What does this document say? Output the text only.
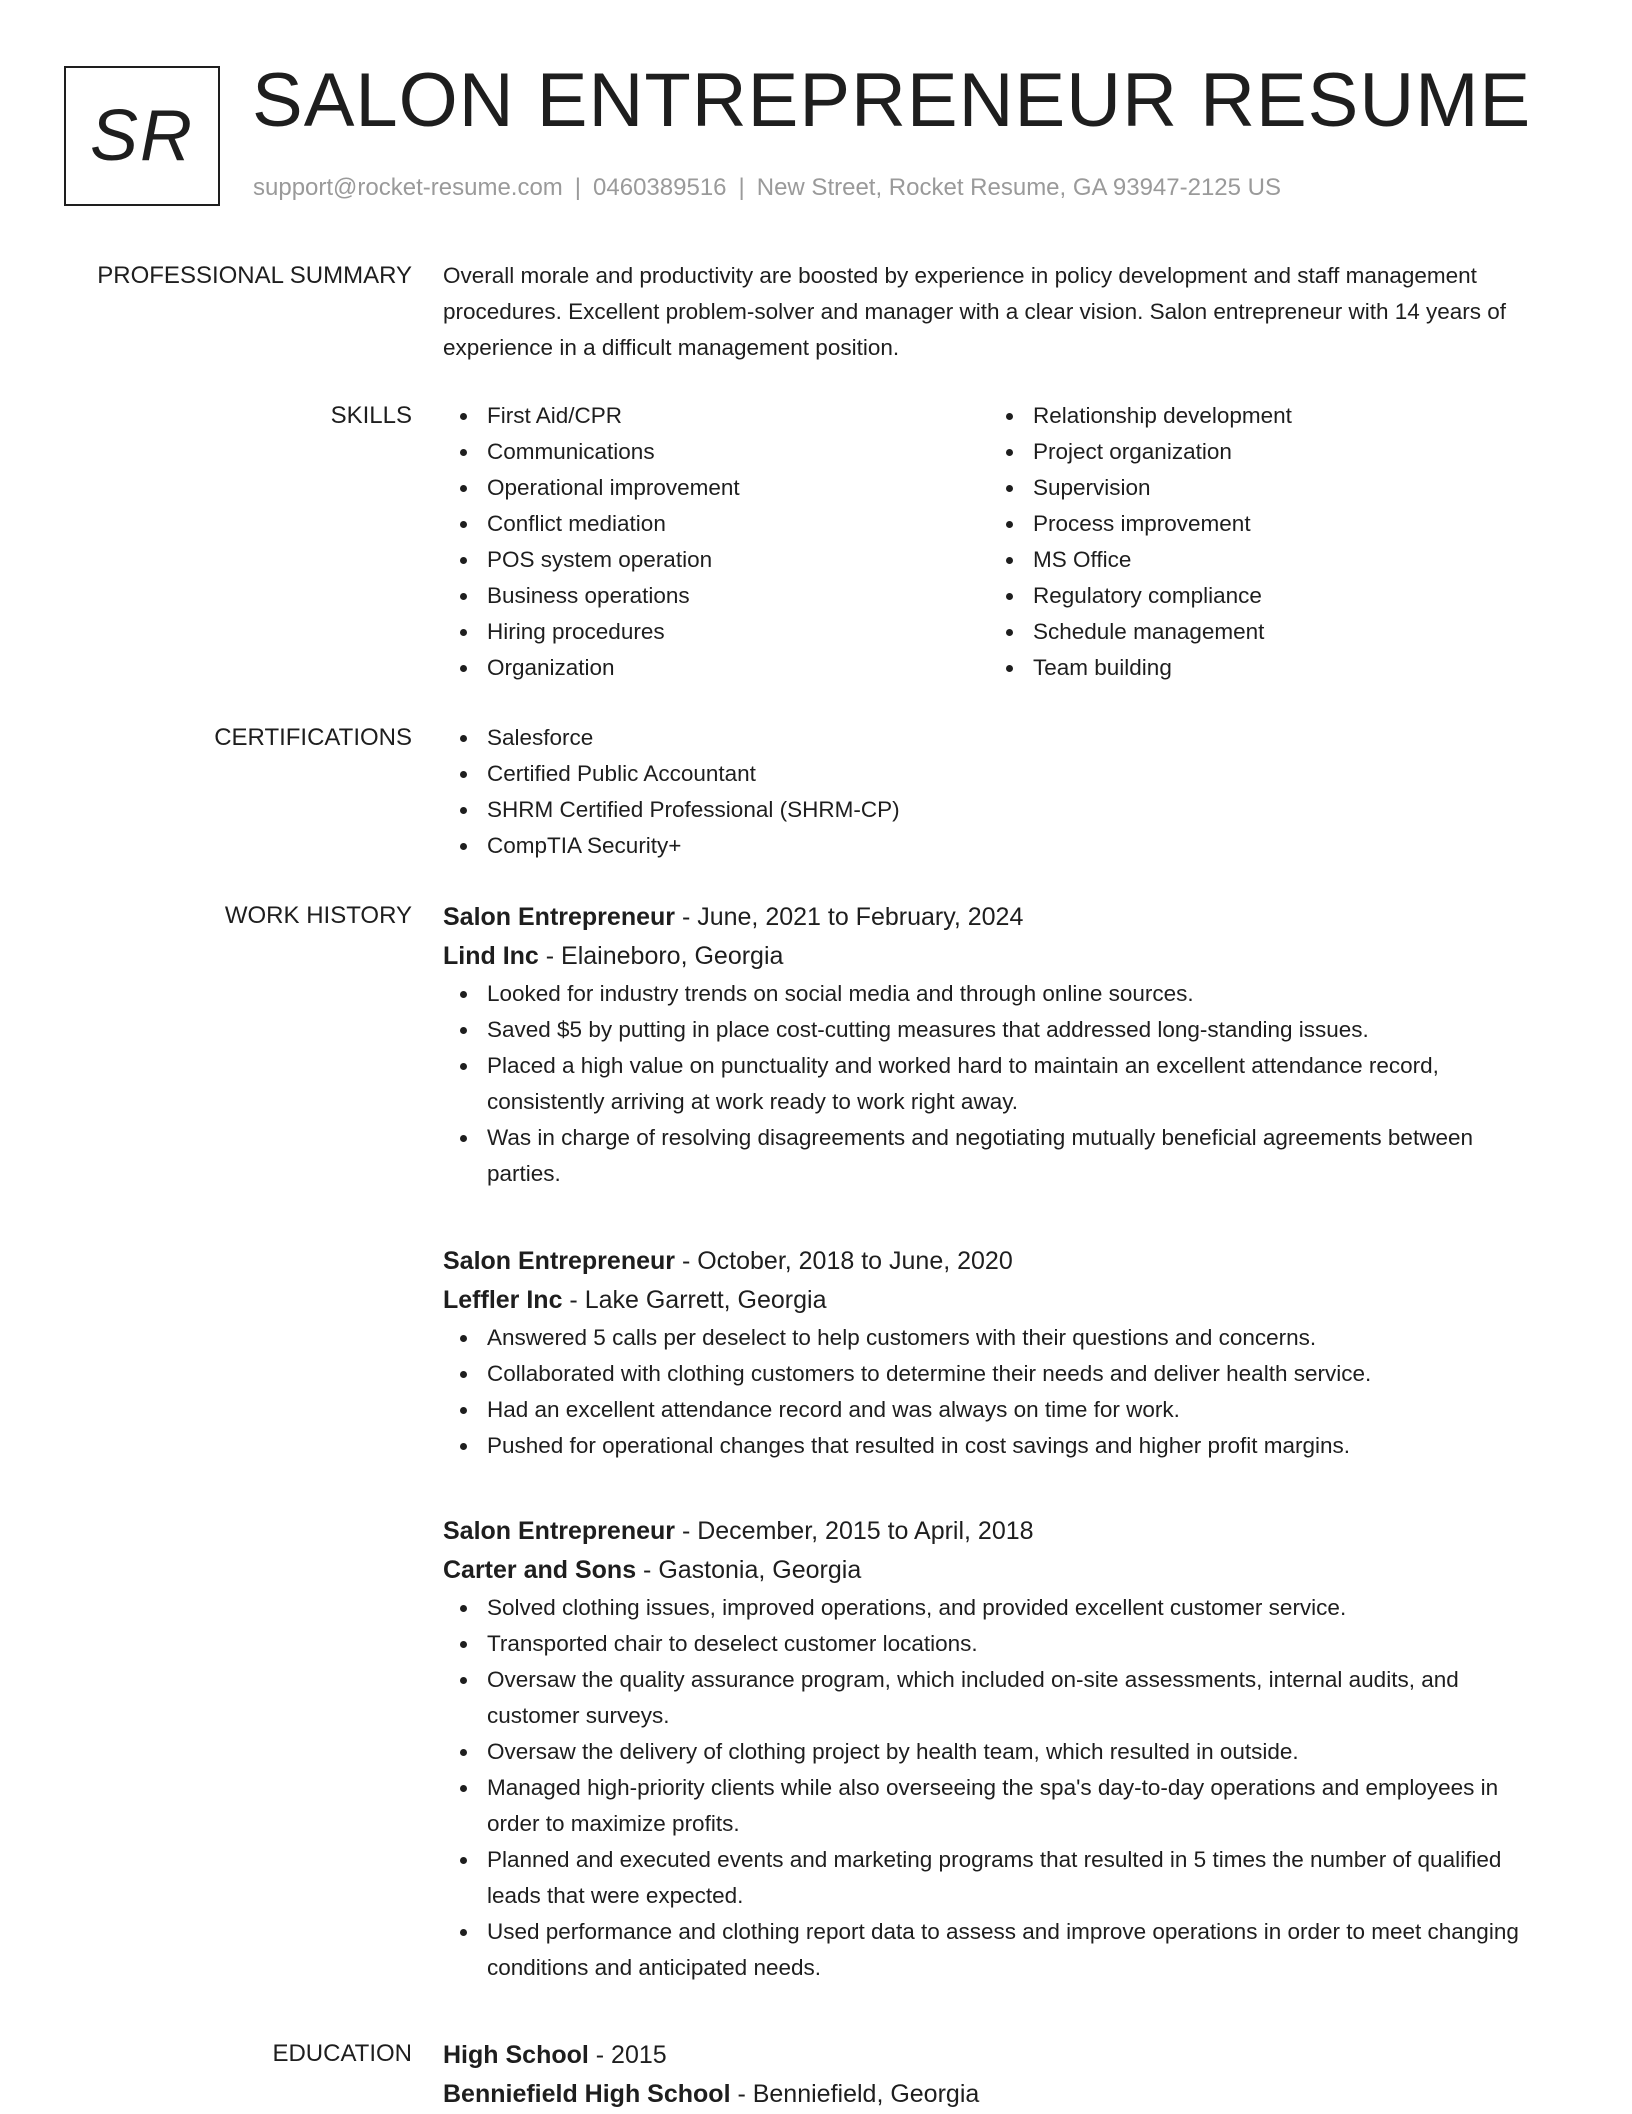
SR SALON ENTREPRENEUR RESUME
support@rocket-resume.com | 0460389516 | New Street, Rocket Resume, GA 93947-2125 US
PROFESSIONAL SUMMARY Overall morale and productivity are boosted by experience in policy development and staff management procedures. Excellent problem-solver and manager with a clear vision. Salon entrepreneur with 14 years of experience in a difficult management position.

SKILLS	First Aid/CPR
Communications
Operational improvement
Conflict mediation
POS system operation
Business operations
Hiring procedures
Organization
Relationship development
Project organization
Supervision
Process improvement
MS Office
Regulatory compliance
Schedule management
Team building
CERTIFICATIONS	Salesforce
Certified Public Accountant
SHRM Certified Professional (SHRM-CP)
CompTIA Security+
WORK HISTORY Salon Entrepreneur - June, 2021 to February, 2024
Lind Inc - Elaineboro, Georgia
Looked for industry trends on social media and through online sources.
Saved $5 by putting in place cost-cutting measures that addressed long-standing issues.
Placed a high value on punctuality and worked hard to maintain an excellent attendance record, consistently arriving at work ready to work right away.
Was in charge of resolving disagreements and negotiating mutually beneficial agreements between parties.
Salon Entrepreneur - October, 2018 to June, 2020
Leffler Inc - Lake Garrett, Georgia
Answered 5 calls per deselect to help customers with their questions and concerns.
Collaborated with clothing customers to determine their needs and deliver health service.
Had an excellent attendance record and was always on time for work.
Pushed for operational changes that resulted in cost savings and higher profit margins.
Salon Entrepreneur - December, 2015 to April, 2018
Carter and Sons - Gastonia, Georgia
Solved clothing issues, improved operations, and provided excellent customer service.
Transported chair to deselect customer locations.
Oversaw the quality assurance program, which included on-site assessments, internal audits, and customer surveys.
Oversaw the delivery of clothing project by health team, which resulted in outside.
Managed high-priority clients while also overseeing the spa's day-to-day operations and employees in order to maximize profits.
Planned and executed events and marketing programs that resulted in 5 times the number of qualified leads that were expected.
Used performance and clothing report data to assess and improve operations in order to meet changing conditions and anticipated needs.
EDUCATION High School - 2015
Benniefield High School - Benniefield, Georgia
